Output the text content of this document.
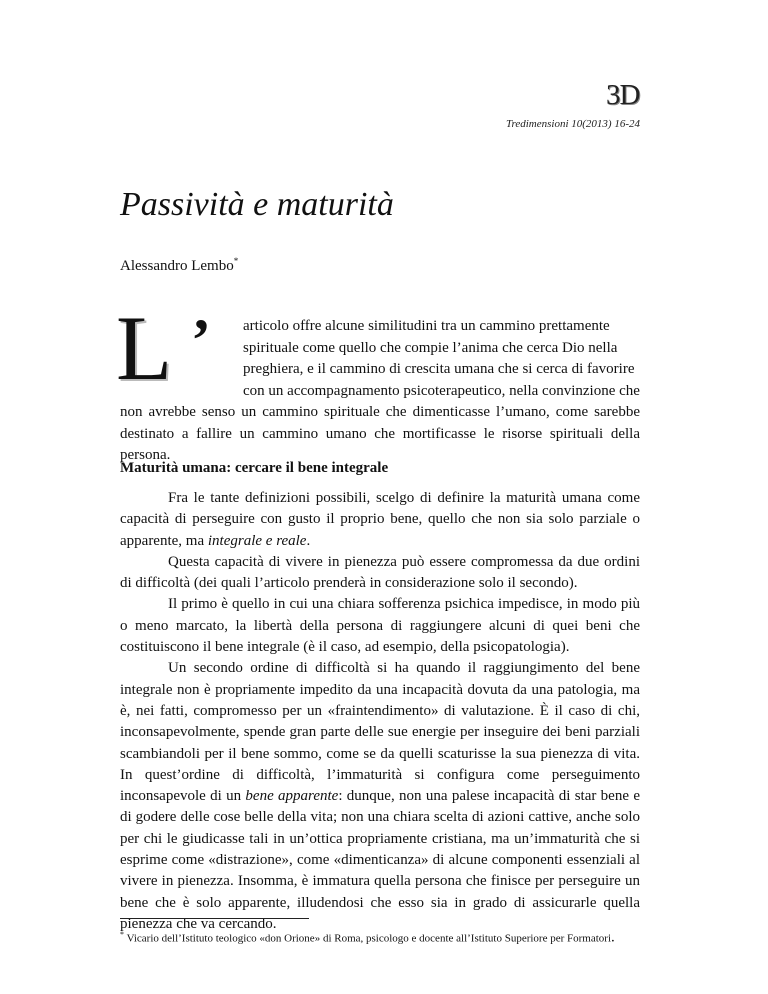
3D
Tredimensioni 10(2013) 16-24
Passività e maturità
Alessandro Lembo*
L ’	articolo offre alcune similitudini tra un cammino prettamente
spirituale come quello che compie l’anima che cerca Dio nella
preghiera, e il cammino di crescita umana che si cerca di favorire
con un accompagnamento psicoterapeutico, nella convinzione che
non avrebbe senso un cammino spirituale che dimenticasse l’umano, come sarebbe destinato a fallire un cammino umano che mortificasse le risorse spirituali della persona.

Maturità umana: cercare il bene integrale

Fra le tante definizioni possibili, scelgo di definire la maturità umana come capacità di perseguire con gusto il proprio bene, quello che non sia solo parziale o apparente, ma integrale e reale.

Questa capacità di vivere in pienezza può essere compromessa da due ordini di difficoltà (dei quali l’articolo prenderà in considerazione solo il secondo).

Il primo è quello in cui una chiara sofferenza psichica impedisce, in modo più o meno marcato, la libertà della persona di raggiungere alcuni di quei beni che costituiscono il bene integrale (è il caso, ad esempio, della psicopatologia).

Un secondo ordine di difficoltà si ha quando il raggiungimento del bene integrale non è propriamente impedito da una incapacità dovuta da una patologia, ma è, nei fatti, compromesso per un «fraintendimento» di valutazione. È il caso di chi, inconsapevolmente, spende gran parte delle sue energie per inseguire dei beni parziali scambiandoli per il bene sommo, come se da quelli scaturisse la sua pienezza di vita. In quest’ordine di difficoltà, l’immaturità si configura come perseguimento inconsapevole di un bene apparente: dunque, non una palese incapacità di star bene e di godere delle cose belle della vita; non una chiara scelta di azioni cattive, anche solo per chi le giudicasse tali in un’ottica propriamente cristiana, ma un’immaturità che si esprime come «distrazione», come «dimenticanza» di alcune componenti essenziali al vivere in pienezza. Insomma, è immatura quella persona che finisce per perseguire un bene che è solo apparente, illudendosi che esso sia in grado di assicurarle quella pienezza che va cercando.

* Vicario dell’Istituto teologico «don Orione» di Roma, psicologo e docente all’Istituto Superiore per Formatori.
